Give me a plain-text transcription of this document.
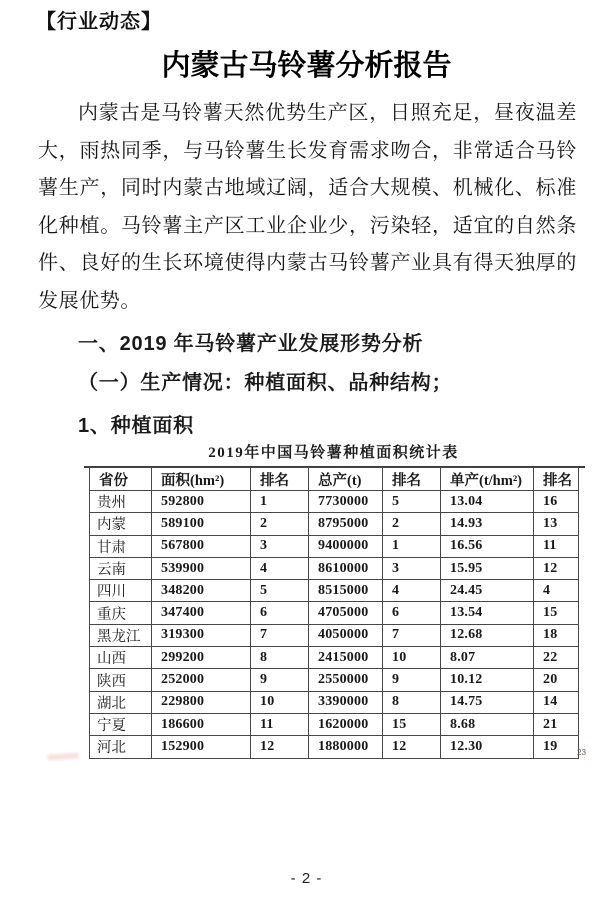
【行业动态】
内蒙古马铃薯分析报告
内蒙古是马铃薯天然优势生产区，日照充足，昼夜温差大，雨热同季，与马铃薯生长发育需求吻合，非常适合马铃薯生产，同时内蒙古地域辽阔，适合大规模、机械化、标准化种植。马铃薯主产区工业企业少，污染轻，适宜的自然条件、良好的生长环境使得内蒙古马铃薯产业具有得天独厚的发展优势。
一、2019 年马铃薯产业发展形势分析
（一）生产情况：种植面积、品种结构；
1、种植面积
2019年中国马铃薯种植面积统计表
省份	面积(hm²)	排名	总产(t)	排名	单产(t/hm²)	排名
贵州	592800	1	7730000	5	13.04	16
内蒙	589100	2	8795000	2	14.93	13
甘肃	567800	3	9400000	1	16.56	11
云南	539900	4	8610000	3	15.95	12
四川	348200	5	8515000	4	24.45	4
重庆	347400	6	4705000	6	13.54	15
黑龙江	319300	7	4050000	7	12.68	18
山西	299200	8	2415000	10	8.07	22
陕西	252000	9	2550000	9	10.12	20
湖北	229800	10	3390000	8	14.75	14
宁夏	186600	11	1620000	15	8.68	21
河北	152900	12	1880000	12	12.30	19 23
- 2 -
